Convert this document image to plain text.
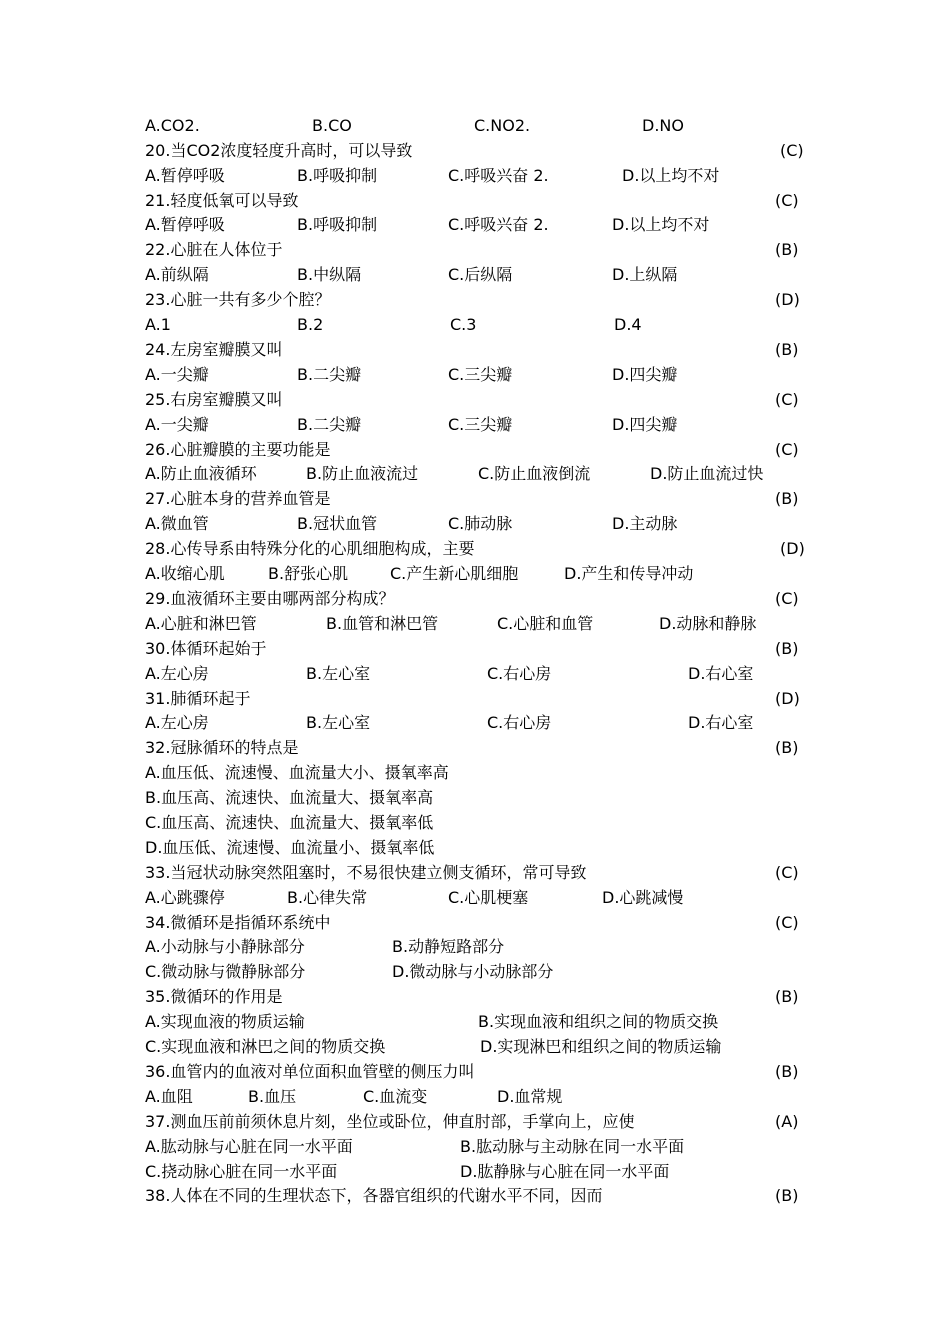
A.CO2.	B.CO	C.NO2.	D.NO
20.当CO2浓度轻度升高时，可以导致	(C)
A.暂停呼吸	B.呼吸抑制	C.呼吸兴奋 2.	D.以上均不对
21.轻度低氧可以导致	(C)
A.暂停呼吸	B.呼吸抑制	C.呼吸兴奋 2.	D.以上均不对
22.心脏在人体位于	(B)
A.前纵隔	B.中纵隔	C.后纵隔	D.上纵隔
23.心脏一共有多少个腔？	(D)
A.1	B.2	C.3	D.4
24.左房室瓣膜又叫	(B)
A.一尖瓣	B.二尖瓣	C.三尖瓣	D.四尖瓣
25.右房室瓣膜又叫	(C)
A.一尖瓣	B.二尖瓣	C.三尖瓣	D.四尖瓣
26.心脏瓣膜的主要功能是	(C)
A.防止血液循环	B.防止血液流过	C.防止血液倒流	D.防止血流过快
27.心脏本身的营养血管是	(B)
A.微血管	B.冠状血管	C.肺动脉	D.主动脉
28.心传导系由特殊分化的心肌细胞构成，主要	(D)
A.收缩心肌	B.舒张心肌	C.产生新心肌细胞	D.产生和传导冲动
29.血液循环主要由哪两部分构成？	(C)
A.心脏和淋巴管	B.血管和淋巴管	C.心脏和血管	D.动脉和静脉
30.体循环起始于	(B)
A.左心房	B.左心室	C.右心房	D.右心室
31.肺循环起于	(D)
A.左心房	B.左心室	C.右心房	D.右心室
32.冠脉循环的特点是	(B)
A.血压低、流速慢、血流量大小、摄氧率高
B.血压高、流速快、血流量大、摄氧率高
C.血压高、流速快、血流量大、摄氧率低
D.血压低、流速慢、血流量小、摄氧率低
33.当冠状动脉突然阻塞时，不易很快建立侧支循环，常可导致	(C)
A.心跳骤停	B.心律失常	C.心肌梗塞	D.心跳减慢
34.微循环是指循环系统中	(C)
A.小动脉与小静脉部分	B.动静短路部分
C.微动脉与微静脉部分	D.微动脉与小动脉部分
35.微循环的作用是	(B)
A.实现血液的物质运输	B.实现血液和组织之间的物质交换
C.实现血液和淋巴之间的物质交换	D.实现淋巴和组织之间的物质运输
36.血管内的血液对单位面积血管壁的侧压力叫	(B)
A.血阻	B.血压	C.血流变	D.血常规
37.测血压前前须休息片刻，坐位或卧位，伸直肘部，手掌向上，应使	(A)
A.肱动脉与心脏在同一水平面	B.肱动脉与主动脉在同一水平面
C.挠动脉心脏在同一水平面	D.肱静脉与心脏在同一水平面
38.人体在不同的生理状态下，各器官组织的代谢水平不同，因而	(B)
